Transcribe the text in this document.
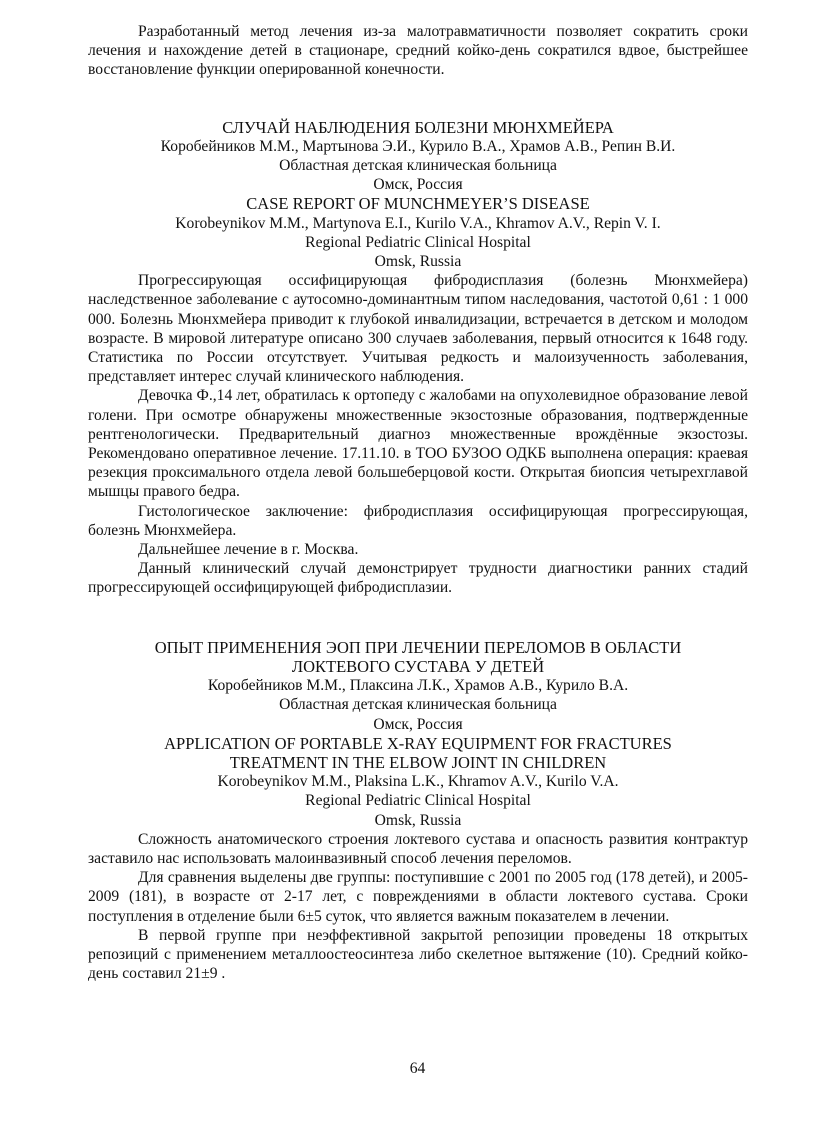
Разработанный метод лечения из-за малотравматичности позволяет сократить сроки лечения и нахождение детей в стационаре, средний койко-день сократился вдвое, быстрейшее восстановление функции оперированной конечности.

СЛУЧАЙ НАБЛЮДЕНИЯ БОЛЕЗНИ МЮНХМЕЙЕРА
Коробейников М.М., Мартынова Э.И., Курило В.А., Храмов А.В., Репин В.И.
Областная детская клиническая больница
Омск, Россия
CASE REPORT OF MUNCHMEYER’S DISEASE
Korobeynikov M.M., Martynova E.I., Kurilo V.A., Khramov A.V., Repin V. I.
Regional Pediatric Clinical Hospital
Omsk, Russia

Прогрессирующая оссифицирующая фибродисплазия (болезнь Мюнхмейера) наследственное заболевание с аутосомно-доминантным типом наследования, частотой 0,61 : 1 000 000. Болезнь Мюнхмейера приводит к глубокой инвалидизации, встречается в детском и молодом возрасте. В мировой литературе описано 300 случаев заболевания, первый относится к 1648 году. Статистика по России отсутствует. Учитывая редкость и малоизученность заболевания, представляет интерес случай клинического наблюдения.

Девочка Ф.,14 лет, обратилась к ортопеду с жалобами на опухолевидное образование левой голени. При осмотре обнаружены множественные экзостозные образования, подтвержденные рентгенологически. Предварительный диагноз множественные врождённые экзостозы. Рекомендовано оперативное лечение. 17.11.10. в ТОО БУЗОО ОДКБ выполнена операция: краевая резекция проксимального отдела левой большеберцовой кости. Открытая биопсия четырехглавой мышцы правого бедра.

Гистологическое заключение: фибродисплазия оссифицирующая прогрессирующая, болезнь Мюнхмейера.

Дальнейшее лечение в г. Москва.

Данный клинический случай демонстрирует трудности диагностики ранних стадий прогрессирующей оссифицирующей фибродисплазии.

ОПЫТ ПРИМЕНЕНИЯ ЭОП ПРИ ЛЕЧЕНИИ ПЕРЕЛОМОВ В ОБЛАСТИ
ЛОКТЕВОГО СУСТАВА У ДЕТЕЙ
Коробейников М.М., Плаксина Л.К., Храмов А.В., Курило В.А.
Областная детская клиническая больница
Омск, Россия
APPLICATION OF PORTABLE X-RAY EQUIPMENT FOR FRACTURES
TREATMENT IN THE ELBOW JOINT IN CHILDREN
Korobeynikov M.M., Plaksina L.K., Khramov A.V., Kurilo V.A.
Regional Pediatric Clinical Hospital
Omsk, Russia

Сложность анатомического строения локтевого сустава и опасность развития контрактур заставило нас использовать малоинвазивный способ лечения переломов.

Для сравнения выделены две группы: поступившие с 2001 по 2005 год (178 детей), и 2005-2009 (181), в возрасте от 2-17 лет, с повреждениями в области локтевого сустава. Сроки поступления в отделение были 6±5 суток, что является важным показателем в лечении.

В первой группе при неэффективной закрытой репозиции проведены 18 открытых репозиций с применением металлоостеосинтеза либо скелетное вытяжение (10). Средний койко-день составил 21±9 .

64
